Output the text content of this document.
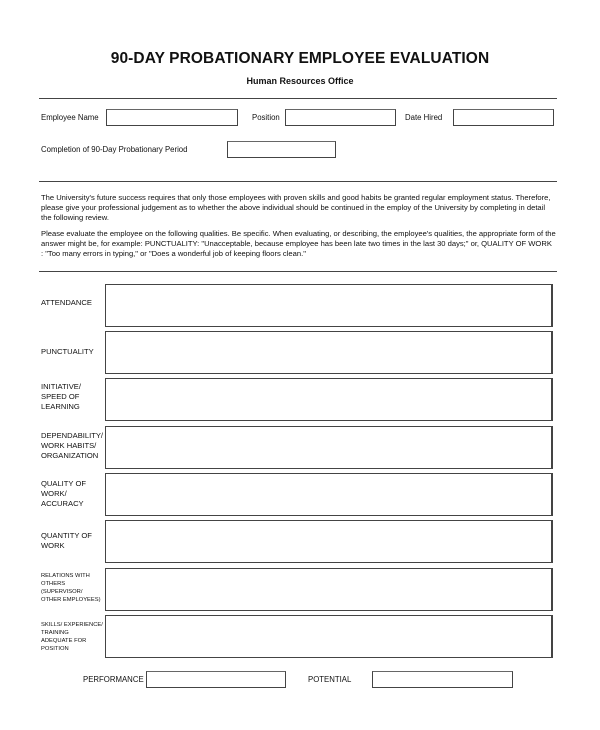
90-DAY PROBATIONARY EMPLOYEE EVALUATION
Human Resources Office
Employee Name	Position	Date Hired
Completion of 90-Day Probationary Period

The University's future success requires that only those employees with proven skills and good habits be granted regular employment status. Therefore, please give your professional judgement as to whether the above individual should be continued in the employ of the University by completing in detail the following review.

Please evaluate the employee on the following qualities. Be specific. When evaluating, or describing, the employee's qualities, the appropriate form of the answer might be, for example: PUNCTUALITY: "Unacceptable, because employee has been late two times in the last 30 days;" or, QUALITY OF WORK : "Too many errors in typing," or "Does a wonderful job of keeping floors clean."

ATTENDANCE
PUNCTUALITY
INITIATIVE/
SPEED OF
LEARNING
DEPENDABILITY/
WORK HABITS/
ORGANIZATION
QUALITY OF
WORK/
ACCURACY
QUANTITY OF
WORK
RELATIONS WITH
OTHERS
(SUPERVISOR/
OTHER EMPLOYEES)
SKILLS/ EXPERIENCE/
TRAINING
ADEQUATE FOR
POSITION
PERFORMANCE	POTENTIAL
